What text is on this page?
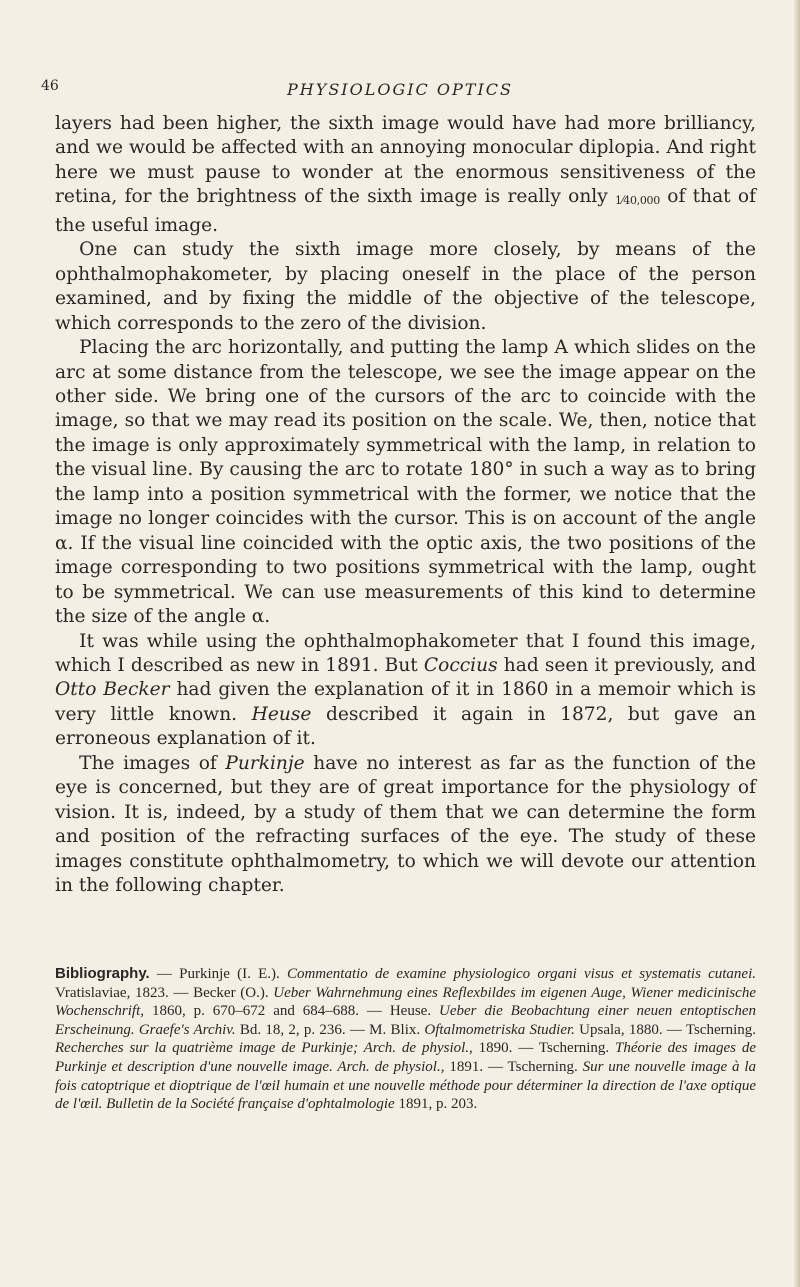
46	PHYSIOLOGIC OPTICS

layers had been higher, the sixth image would have had more brilliancy, and we would be affected with an annoying monocular diplopia. And right here we must pause to wonder at the enormous sensitiveness of the retina, for the brightness of the sixth image is really only 1⁄40,000 of that of the useful image.

One can study the sixth image more closely, by means of the ophthalmophakometer, by placing oneself in the place of the person examined, and by fixing the middle of the objective of the telescope, which corresponds to the zero of the division.

Placing the arc horizontally, and putting the lamp A which slides on the arc at some distance from the telescope, we see the image appear on the other side. We bring one of the cursors of the arc to coincide with the image, so that we may read its position on the scale. We, then, notice that the image is only approximately symmetrical with the lamp, in relation to the visual line. By causing the arc to rotate 180° in such a way as to bring the lamp into a position symmetrical with the former, we notice that the image no longer coincides with the cursor. This is on account of the angle α. If the visual line coincided with the optic axis, the two positions of the image corresponding to two positions symmetrical with the lamp, ought to be symmetrical. We can use measurements of this kind to determine the size of the angle α.

It was while using the ophthalmophakometer that I found this image, which I described as new in 1891. But Coccius had seen it previously, and Otto Becker had given the explanation of it in 1860 in a memoir which is very little known. Heuse described it again in 1872, but gave an erroneous explanation of it.

The images of Purkinje have no interest as far as the function of the eye is concerned, but they are of great importance for the physiology of vision. It is, indeed, by a study of them that we can determine the form and position of the refracting surfaces of the eye. The study of these images constitute ophthalmometry, to which we will devote our attention in the following chapter.

Bibliography. — Purkinje (I. E.). Commentatio de examine physiologico organi visus et systematis cutanei. Vratislaviae, 1823. — Becker (O.). Ueber Wahrnehmung eines Reflexbildes im eigenen Auge, Wiener medicinische Wochenschrift, 1860, p. 670–672 and 684–688. — Heuse. Ueber die Beobachtung einer neuen entoptischen Erscheinung. Graefe's Archiv. Bd. 18, 2, p. 236. — M. Blix. Oftalmometriska Studier. Upsala, 1880. — Tscherning. Recherches sur la quatrième image de Purkinje; Arch. de physiol., 1890. — Tscherning. Théorie des images de Purkinje et description d'une nouvelle image. Arch. de physiol., 1891. — Tscherning. Sur une nouvelle image à la fois catoptrique et dioptrique de l'œil humain et une nouvelle méthode pour déterminer la direction de l'axe optique de l'œil. Bulletin de la Société française d'ophtalmologie 1891, p. 203.
